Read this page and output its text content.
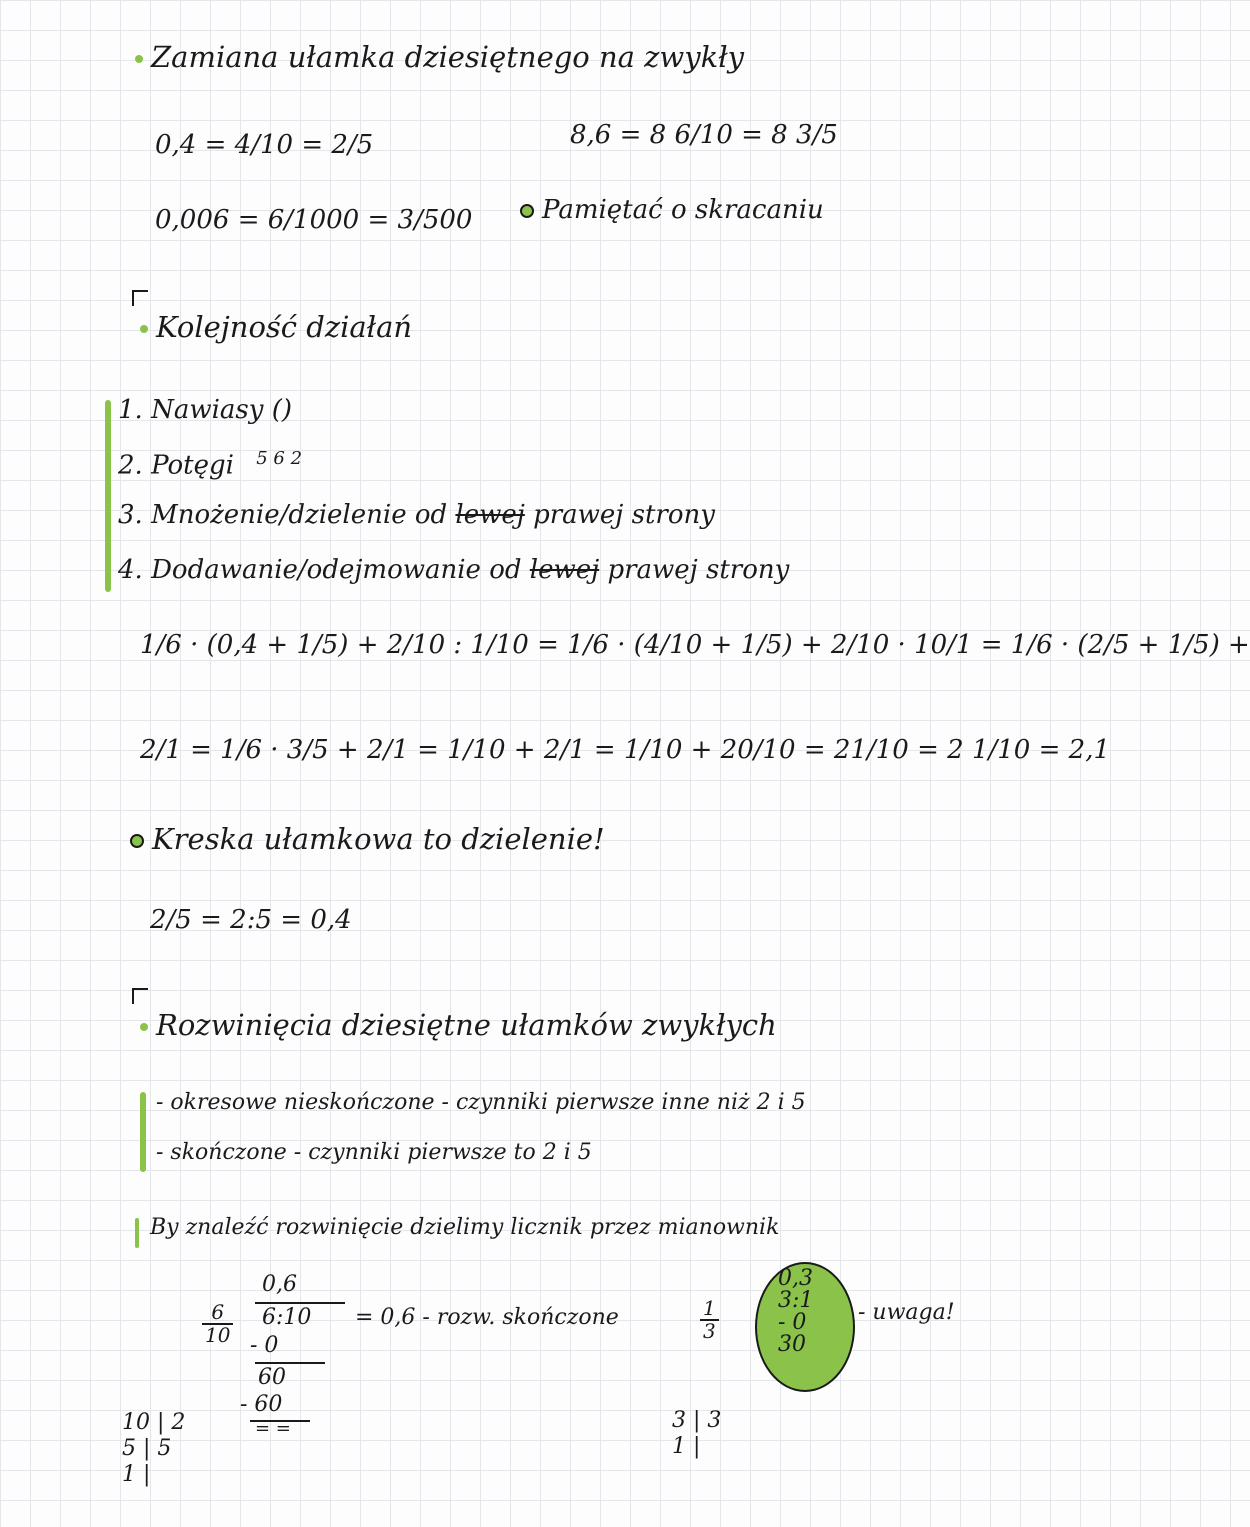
Zamiana ułamka dziesiętnego na zwykły
0,4 = 4/10 = 2/5	8,6 = 8 6/10 = 8 3/5
0,006 = 6/1000 = 3/500	Pamiętać o skracaniu
Kolejność działań
1. Nawiasy ()
2. Potęgi $^{5 6 2}$
3. Mnożenie/dzielenie od lewej prawej strony
4. Dodawanie/odejmowanie od lewej prawej strony
1/6 · (0,4 + 1/5) + 2/10 : 1/10 = 1/6 · (4/10 + 1/5) + 2/10 · 10/1 = 1/6 · (2/5 + 1/5) +
2/1 = 1/6 · 3/5 + 2/1 = 1/10 + 2/1 = 1/10 + 20/10 = 21/10 = 2 1/10 = 2,1
Kreska ułamkowa to dzielenie!
2/5 = 2:5 = 0,4
Rozwinięcia dziesiętne ułamków zwykłych
- okresowe nieskończone - czynniki pierwsze inne niż 2 i 5
- skończone - czynniki pierwsze to 2 i 5
By znaleźć rozwinięcie dzielimy licznik przez mianownik
0,6
$\frac{6}{10}$ 6:10 = 0,6 - rozw. skończone
- 0
60
- 60
= =
10 | 2
5 | 5
1 |
$\frac{1}{3}$
0,3
3:1
- 0
30
- uwaga!
3 | 3
1 |
